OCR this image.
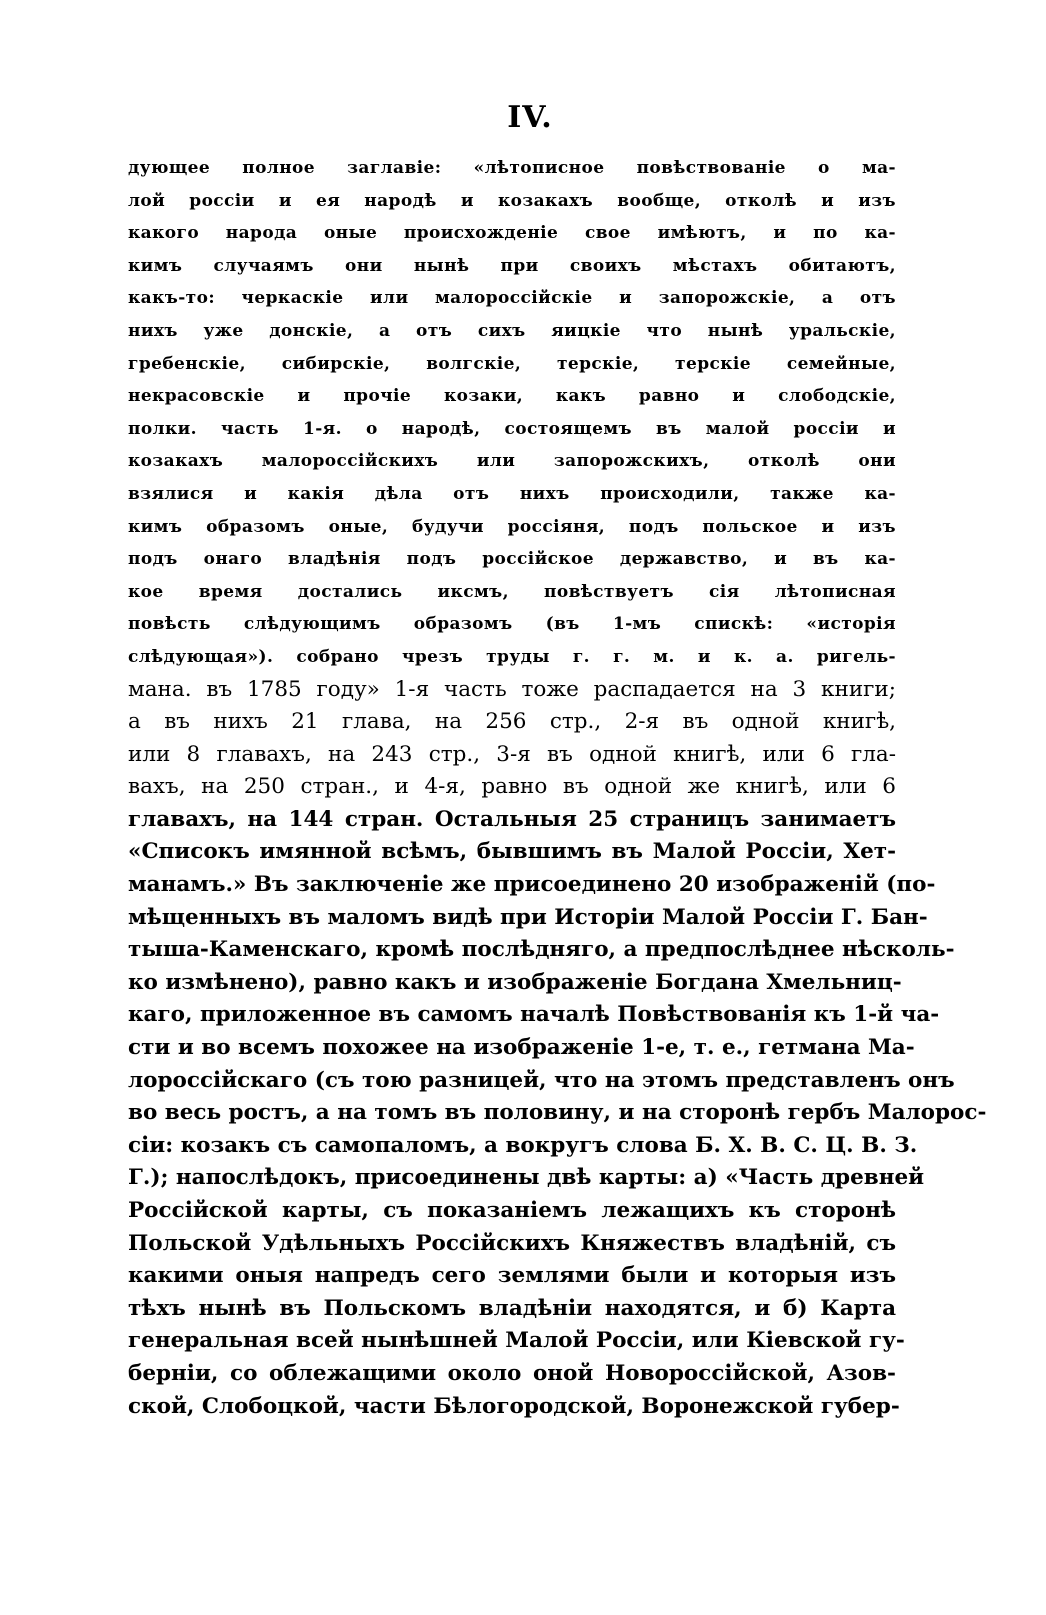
IV.
дующее полное заглавіе: «лѣтописное повѣствованіе о ма-
лой россіи и ея народѣ и козакахъ вообще, отколѣ и изъ
какого народа оные происхожденіе свое имѣютъ, и по ка-
кимъ случаямъ они нынѣ при своихъ мѣстахъ обитаютъ,
какъ-то: черкаскіе или малороссійскіе и запорожскіе, а отъ
нихъ уже донскіе, а отъ сихъ яицкіе что нынѣ уральскіе,
гребенскіе, сибирскіе, волгскіе, терскіе, терскіе семейные,
некрасовскіе и прочіе козаки, какъ равно и слободскіе,
полки. часть 1-я. о народѣ, состоящемъ въ малой россіи и
козакахъ малороссійскихъ или запорожскихъ, отколѣ они
взялися и какія дѣла отъ нихъ происходили, также ка-
кимъ образомъ оные, будучи россіяня, подъ польское и изъ
подъ онаго владѣнія подъ россійское державство, и въ ка-
кое время достались иксмъ, повѣствуетъ сія лѣтописная
повѣсть слѣдующимъ образомъ (въ 1-мъ спискѣ: «исторія
слѣдующая»). собрано чрезъ труды г. г. м. и к. а. ригель-
мана. въ 1785 году» 1-я часть тоже распадается на 3 книги;
а въ нихъ 21 глава, на 256 стр., 2-я въ одной книгѣ,
или 8 главахъ, на 243 стр., 3-я въ одной книгѣ, или 6 гла-
вахъ, на 250 стран., и 4-я, равно въ одной же книгѣ, или 6
главахъ, на 144 стран. Остальныя 25 страницъ занимаетъ
«Списокъ имянной всѣмъ, бывшимъ въ Малой Россіи, Хет-
манамъ.» Въ заключеніе же присоединено 20 изображеній (по-
мѣщенныхъ въ маломъ видѣ при Исторіи Малой Россіи Г. Бан-
тыша-Каменскаго, кромѣ послѣдняго, а предпослѣднее нѣсколь-
ко измѣнено), равно какъ и изображеніе Богдана Хмельниц-
каго, приложенное въ самомъ началѣ Повѣствованія къ 1-й ча-
сти и во всемъ похожее на изображеніе 1-е, т. е., гетмана Ма-
лороссійскаго (съ тою разницей, что на этомъ представленъ онъ
во весь ростъ, а на томъ въ половину, и на сторонѣ гербъ Малорос-
сіи: козакъ съ самопаломъ, а вокругъ слова Б. Х. В. С. Ц. В. З.
Г.); напослѣдокъ, присоединены двѣ карты: а) «Часть древней
Россійской карты, съ показаніемъ лежащихъ къ сторонѣ
Польской Удѣльныхъ Россійскихъ Княжествъ владѣній, съ
какими оныя напредъ сего землями были и которыя изъ
тѣхъ нынѣ въ Польскомъ владѣніи находятся, и б) Карта
генеральная всей нынѣшней Малой Россіи, или Кіевской гу-
берніи, со облежащими около оной Новороссійской, Азов-
ской, Слобоцкой, части Бѣлогородской, Воронежской губер-
